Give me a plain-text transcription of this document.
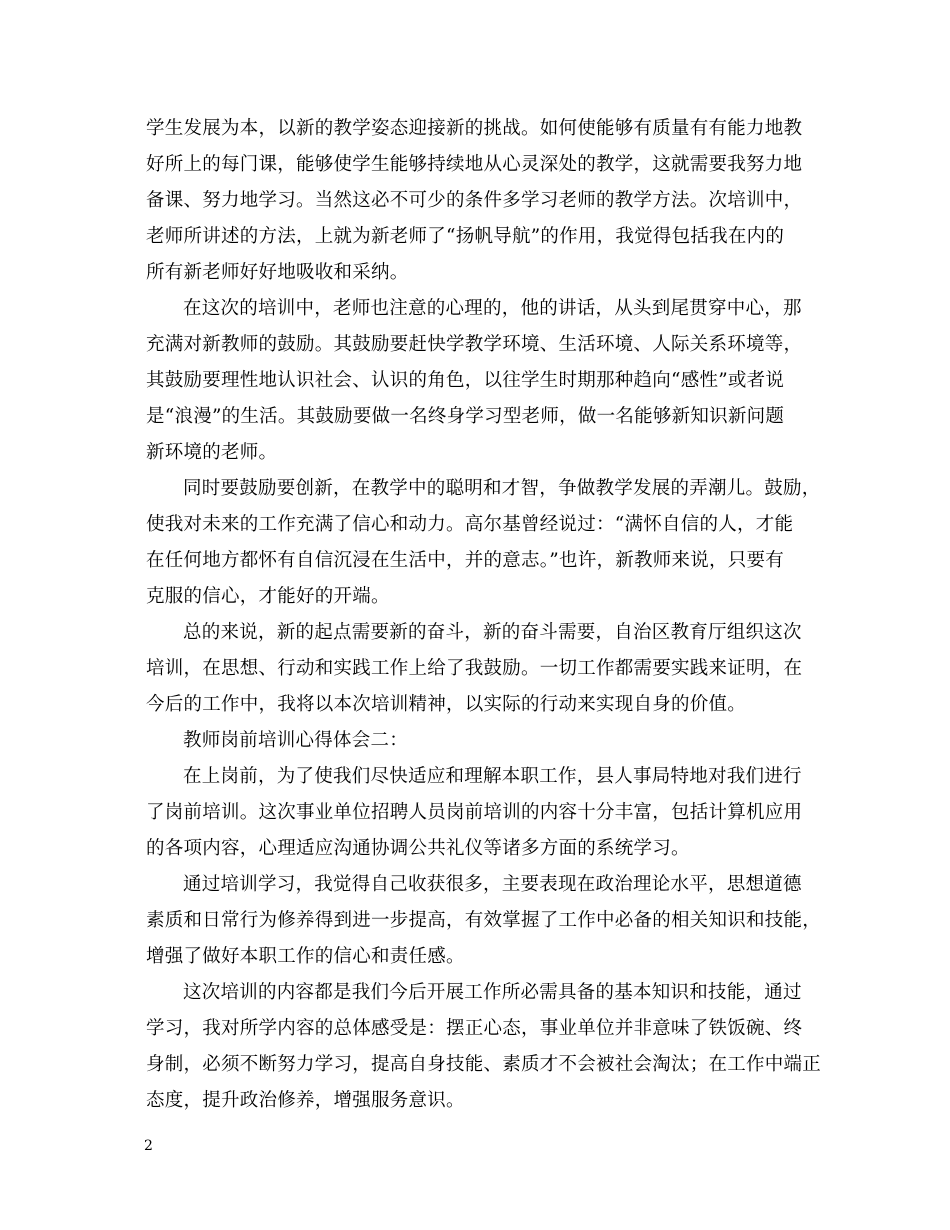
学生发展为本，以新的教学姿态迎接新的挑战。如何使能够有质量有有能力地教
好所上的每门课，能够使学生能够持续地从心灵深处的教学，这就需要我努力地
备课、努力地学习。当然这必不可少的条件多学习老师的教学方法。次培训中，
老师所讲述的方法，上就为新老师了“扬帆导航”的作用，我觉得包括我在内的
所有新老师好好地吸收和采纳。
在这次的培训中，老师也注意的心理的，他的讲话，从头到尾贯穿中心，那
充满对新教师的鼓励。其鼓励要赶快学教学环境、生活环境、人际关系环境等，
其鼓励要理性地认识社会、认识的角色，以往学生时期那种趋向“感性”或者说
是“浪漫”的生活。其鼓励要做一名终身学习型老师，做一名能够新知识新问题
新环境的老师。
同时要鼓励要创新，在教学中的聪明和才智，争做教学发展的弄潮儿。鼓励，
使我对未来的工作充满了信心和动力。高尔基曾经说过：“满怀自信的人，才能
在任何地方都怀有自信沉浸在生活中，并的意志。”也许，新教师来说，只要有
克服的信心，才能好的开端。
总的来说，新的起点需要新的奋斗，新的奋斗需要，自治区教育厅组织这次
培训，在思想、行动和实践工作上给了我鼓励。一切工作都需要实践来证明，在
今后的工作中，我将以本次培训精神，以实际的行动来实现自身的价值。
教师岗前培训心得体会二：
在上岗前，为了使我们尽快适应和理解本职工作，县人事局特地对我们进行
了岗前培训。这次事业单位招聘人员岗前培训的内容十分丰富，包括计算机应用
的各项内容，心理适应沟通协调公共礼仪等诸多方面的系统学习。
通过培训学习，我觉得自己收获很多，主要表现在政治理论水平，思想道德
素质和日常行为修养得到进一步提高，有效掌握了工作中必备的相关知识和技能，
增强了做好本职工作的信心和责任感。
这次培训的内容都是我们今后开展工作所必需具备的基本知识和技能，通过
学习，我对所学内容的总体感受是：摆正心态，事业单位并非意味了铁饭碗、终
身制，必须不断努力学习，提高自身技能、素质才不会被社会淘汰；在工作中端正
态度，提升政治修养，增强服务意识。
2
